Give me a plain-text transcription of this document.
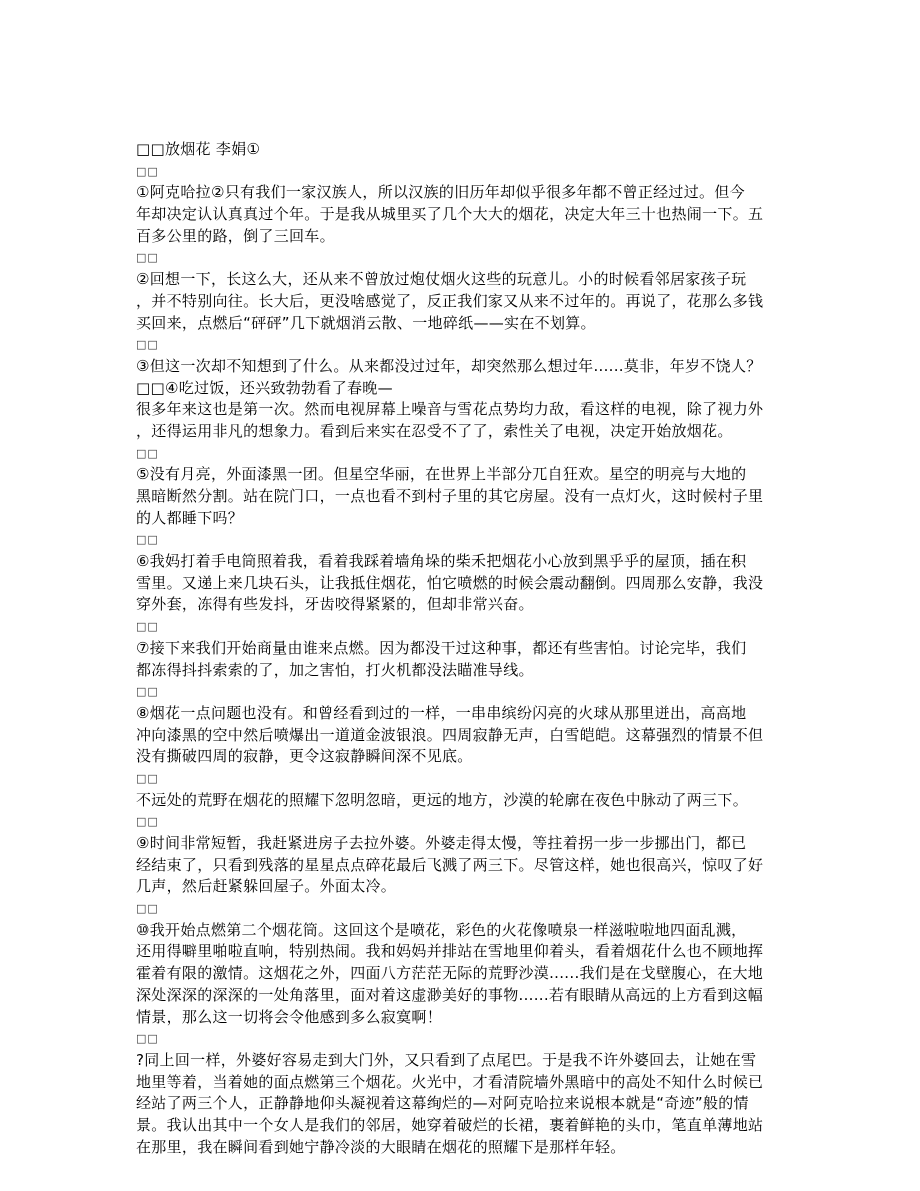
□□放烟花 李娟①
□□
①阿克哈拉②只有我们一家汉族人，所以汉族的旧历年却似乎很多年都不曾正经过过。但今
年却决定认认真真过个年。于是我从城里买了几个大大的烟花，决定大年三十也热闹一下。五
百多公里的路，倒了三回车。
□□
②回想一下，长这么大，还从来不曾放过炮仗烟火这些的玩意儿。小的时候看邻居家孩子玩
，并不特别向往。长大后，更没啥感觉了，反正我们家又从来不过年的。再说了，花那么多钱
买回来，点燃后“砰砰”几下就烟消云散、一地碎纸——实在不划算。
□□
③但这一次却不知想到了什么。从来都没过过年，却突然那么想过年......莫非，年岁不饶人？
□□④吃过饭，还兴致勃勃看了春晚—
很多年来这也是第一次。然而电视屏幕上噪音与雪花点势均力敌，看这样的电视，除了视力外
，还得运用非凡的想象力。看到后来实在忍受不了了，索性关了电视，决定开始放烟花。
□□
⑤没有月亮，外面漆黑一团。但星空华丽，在世界上半部分兀自狂欢。星空的明亮与大地的
黑暗断然分割。站在院门口，一点也看不到村子里的其它房屋。没有一点灯火，这时候村子里
的人都睡下吗？
□□
⑥我妈打着手电筒照着我，看着我踩着墙角垛的柴禾把烟花小心放到黑乎乎的屋顶，插在积
雪里。又递上来几块石头，让我抵住烟花，怕它喷燃的时候会震动翻倒。四周那么安静，我没
穿外套，冻得有些发抖，牙齿咬得紧紧的，但却非常兴奋。
□□
⑦接下来我们开始商量由谁来点燃。因为都没干过这种事，都还有些害怕。讨论完毕，我们
都冻得抖抖索索的了，加之害怕，打火机都没法瞄准导线。
□□
⑧烟花一点问题也没有。和曾经看到过的一样，一串串缤纷闪亮的火球从那里迸出，高高地
冲向漆黑的空中然后喷爆出一道道金波银浪。四周寂静无声，白雪皑皑。这幕强烈的情景不但
没有撕破四周的寂静，更令这寂静瞬间深不见底。
□□
不远处的荒野在烟花的照耀下忽明忽暗，更远的地方，沙漠的轮廓在夜色中脉动了两三下。
□□
⑨时间非常短暂，我赶紧进房子去拉外婆。外婆走得太慢，等拄着拐一步一步挪出门，都已
经结束了，只看到残落的星星点点碎花最后飞溅了两三下。尽管这样，她也很高兴，惊叹了好
几声，然后赶紧躲回屋子。外面太冷。
□□
⑩我开始点燃第二个烟花筒。这回这个是喷花，彩色的火花像喷泉一样滋啦啦地四面乱溅，
还用得噼里啪啦直响，特别热闹。我和妈妈并排站在雪地里仰着头，看着烟花什么也不顾地挥
霍着有限的激情。这烟花之外，四面八方茫茫无际的荒野沙漠......我们是在戈壁腹心，在大地
深处深深的深深的一处角落里，面对着这虚渺美好的事物......若有眼睛从高远的上方看到这幅
情景，那么这一切将会令他感到多么寂寞啊！
□□
?同上回一样，外婆好容易走到大门外，又只看到了点尾巴。于是我不许外婆回去，让她在雪
地里等着，当着她的面点燃第三个烟花。火光中，才看清院墙外黑暗中的高处不知什么时候已
经站了两三个人，正静静地仰头凝视着这幕绚烂的—对阿克哈拉来说根本就是“奇迹”般的情
景。我认出其中一个女人是我们的邻居，她穿着破烂的长裙，裹着鲜艳的头巾，笔直单薄地站
在那里，我在瞬间看到她宁静冷淡的大眼睛在烟花的照耀下是那样年轻。
